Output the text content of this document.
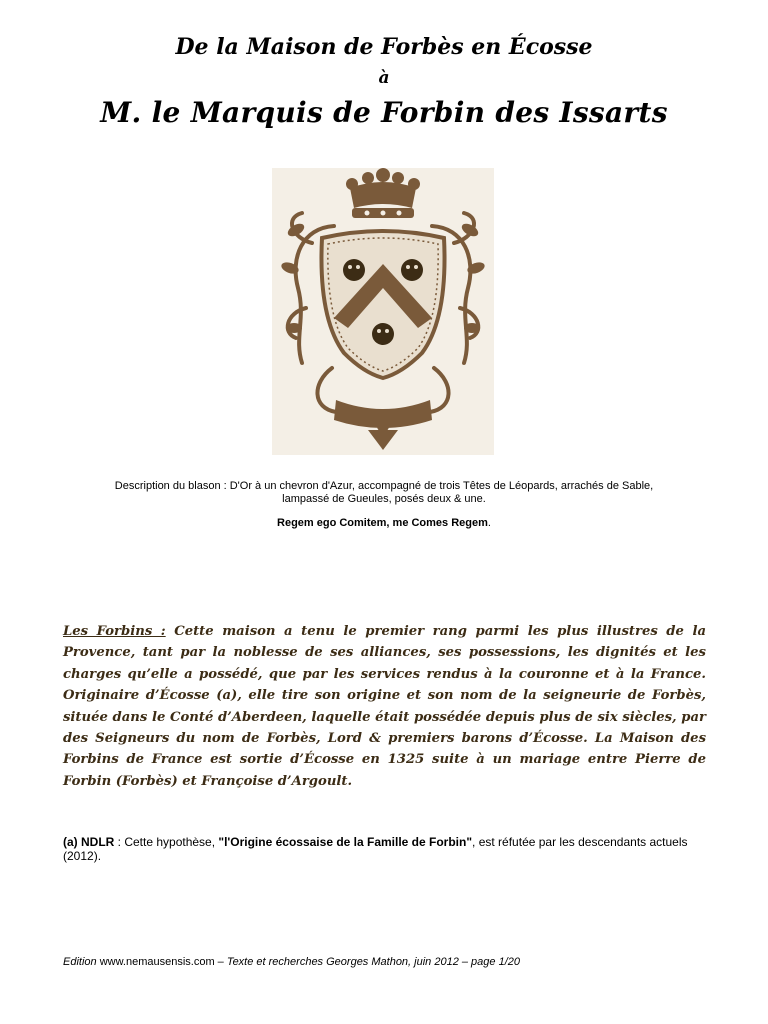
De la Maison de Forbès en Écosse
à
M. le Marquis de Forbin des Issarts
Description du blason : D'Or à un chevron d'Azur, accompagné de trois Têtes de Léopards, arrachés de Sable,
lampassé de Gueules, posés deux & une.
Regem ego Comitem, me Comes Regem.
Les Forbins : Cette maison a tenu le premier rang parmi les plus illustres de la Provence, tant par la noblesse de ses alliances, ses possessions, les dignités et les charges qu’elle a possédé, que par les services rendus à la couronne et à la France. Originaire d’Écosse (a), elle tire son origine et son nom de la seigneurie de Forbès, située dans le Conté d’Aberdeen, laquelle était possédée depuis plus de six siècles, par des Seigneurs du nom de Forbès, Lord & premiers barons d’Écosse. La Maison des Forbins de France est sortie d’Écosse en 1325 suite à un mariage entre Pierre de Forbin (Forbès) et Françoise d’Argoult.
(a) NDLR : Cette hypothèse, "l'Origine écossaise de la Famille de Forbin", est réfutée par les descendants actuels (2012).
Edition www.nemausensis.com – Texte et recherches Georges Mathon, juin 2012 – page 1/20
